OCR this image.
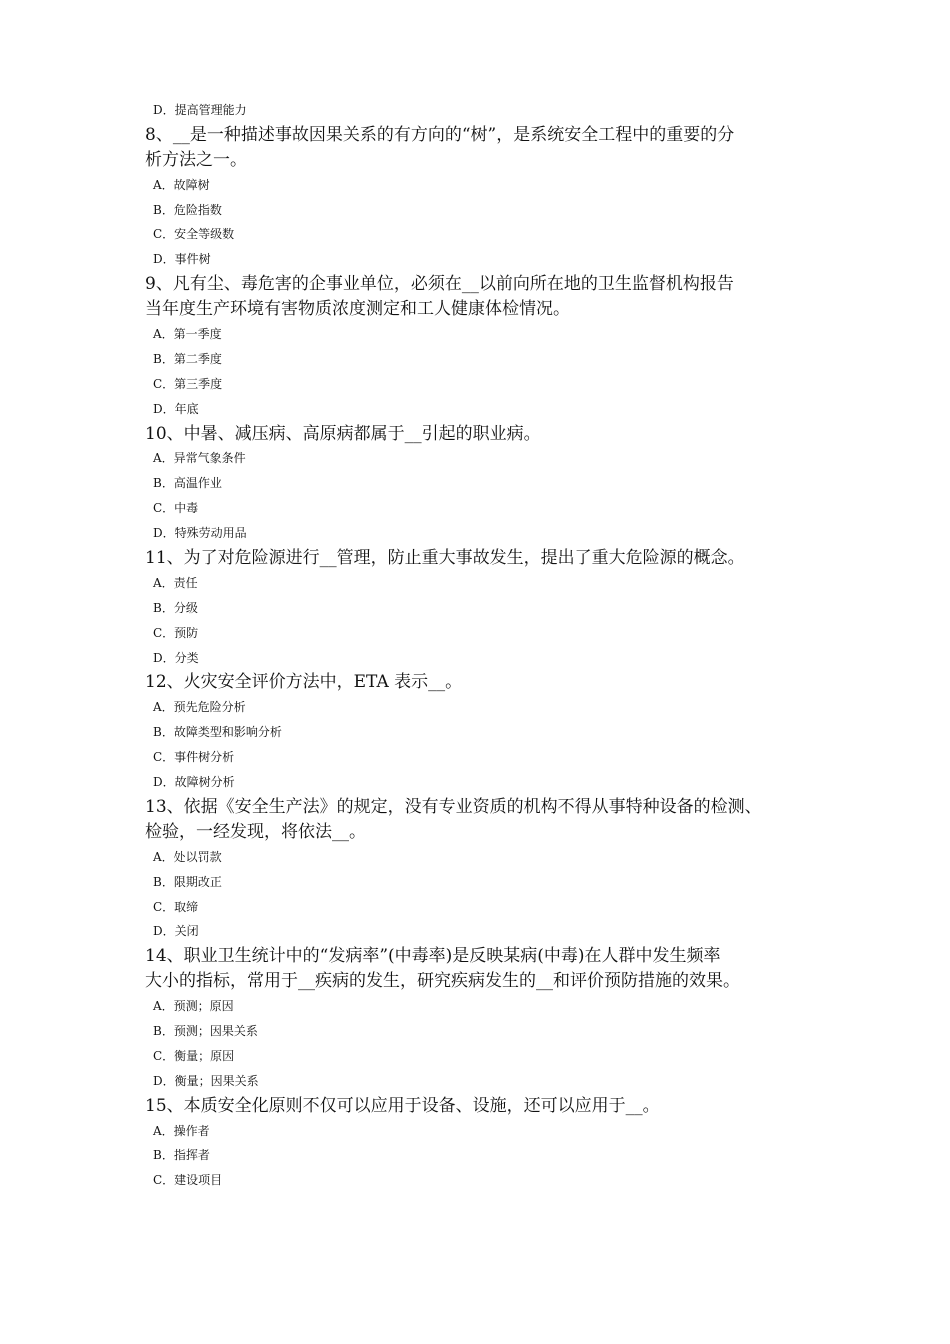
D．提高管理能力
8、__是一种描述事故因果关系的有方向的“树”，是系统安全工程中的重要的分
析方法之一。
A．故障树
B．危险指数
C．安全等级数
D．事件树
9、凡有尘、毒危害的企事业单位，必须在__以前向所在地的卫生监督机构报告
当年度生产环境有害物质浓度测定和工人健康体检情况。
A．第一季度
B．第二季度
C．第三季度
D．年底
10、中暑、减压病、高原病都属于__引起的职业病。
A．异常气象条件
B．高温作业
C．中毒
D．特殊劳动用品
11、为了对危险源进行__管理，防止重大事故发生，提出了重大危险源的概念。
A．责任
B．分级
C．预防
D．分类
12、火灾安全评价方法中，ETA 表示__。
A．预先危险分析
B．故障类型和影响分析
C．事件树分析
D．故障树分析
13、依据《安全生产法》的规定，没有专业资质的机构不得从事特种设备的检测、
检验，一经发现，将依法__。
A．处以罚款
B．限期改正
C．取缔
D．关闭
14、职业卫生统计中的“发病率”(中毒率)是反映某病(中毒)在人群中发生频率
大小的指标，常用于__疾病的发生，研究疾病发生的__和评价预防措施的效果。
A．预测；原因
B．预测；因果关系
C．衡量；原因
D．衡量；因果关系
15、本质安全化原则不仅可以应用于设备、设施，还可以应用于__。
A．操作者
B．指挥者
C．建设项目
